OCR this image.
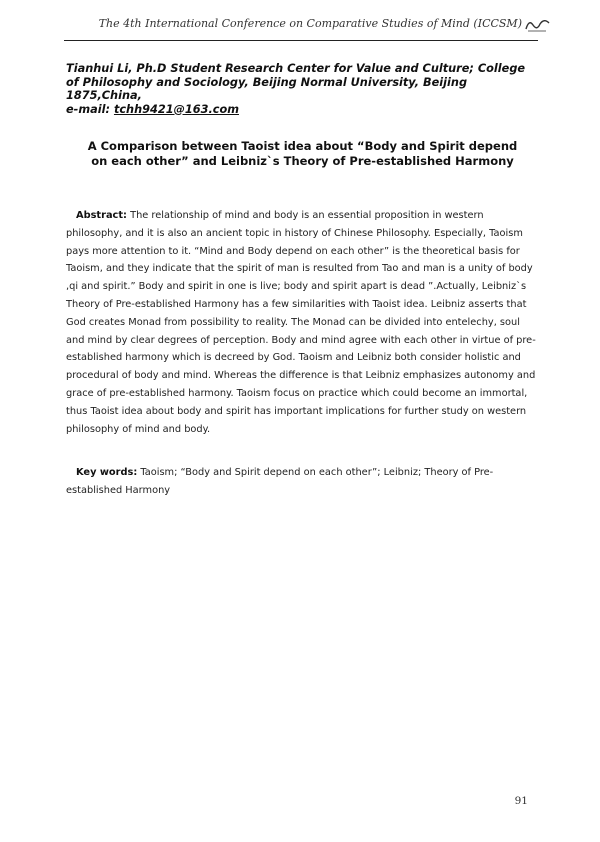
The 4th International Conference on Comparative Studies of Mind (ICCSM)
Tianhui Li, Ph.D Student Research Center for Value and Culture; College of Philosophy and Sociology, Beijing Normal University, Beijing 1875,China,
e-mail: tchh9421@163.com
A Comparison between Taoist idea about “Body and Spirit depend on each other” and Leibniz`s Theory of Pre-established Harmony

Abstract: The relationship of mind and body is an essential proposition in western philosophy, and it is also an ancient topic in history of Chinese Philosophy. Especially, Taoism pays more attention to it. “Mind and Body depend on each other” is the theoretical basis for Taoism, and they indicate that the spirit of man is resulted from Tao and man is a unity of body ,qi and spirit.” Body and spirit in one is live; body and spirit apart is dead ”.Actually, Leibniz`s Theory of Pre-established Harmony has a few similarities with Taoist idea. Leibniz asserts that God creates Monad from possibility to reality. The Monad can be divided into entelechy, soul and mind by clear degrees of perception. Body and mind agree with each other in virtue of pre-established harmony which is decreed by God. Taoism and Leibniz both consider holistic and procedural of body and mind. Whereas the difference is that Leibniz emphasizes autonomy and grace of pre-established harmony. Taoism focus on practice which could become an immortal, thus Taoist idea about body and spirit has important implications for further study on western philosophy of mind and body.

Key words: Taoism; “Body and Spirit depend on each other”; Leibniz; Theory of Pre-established Harmony

91
